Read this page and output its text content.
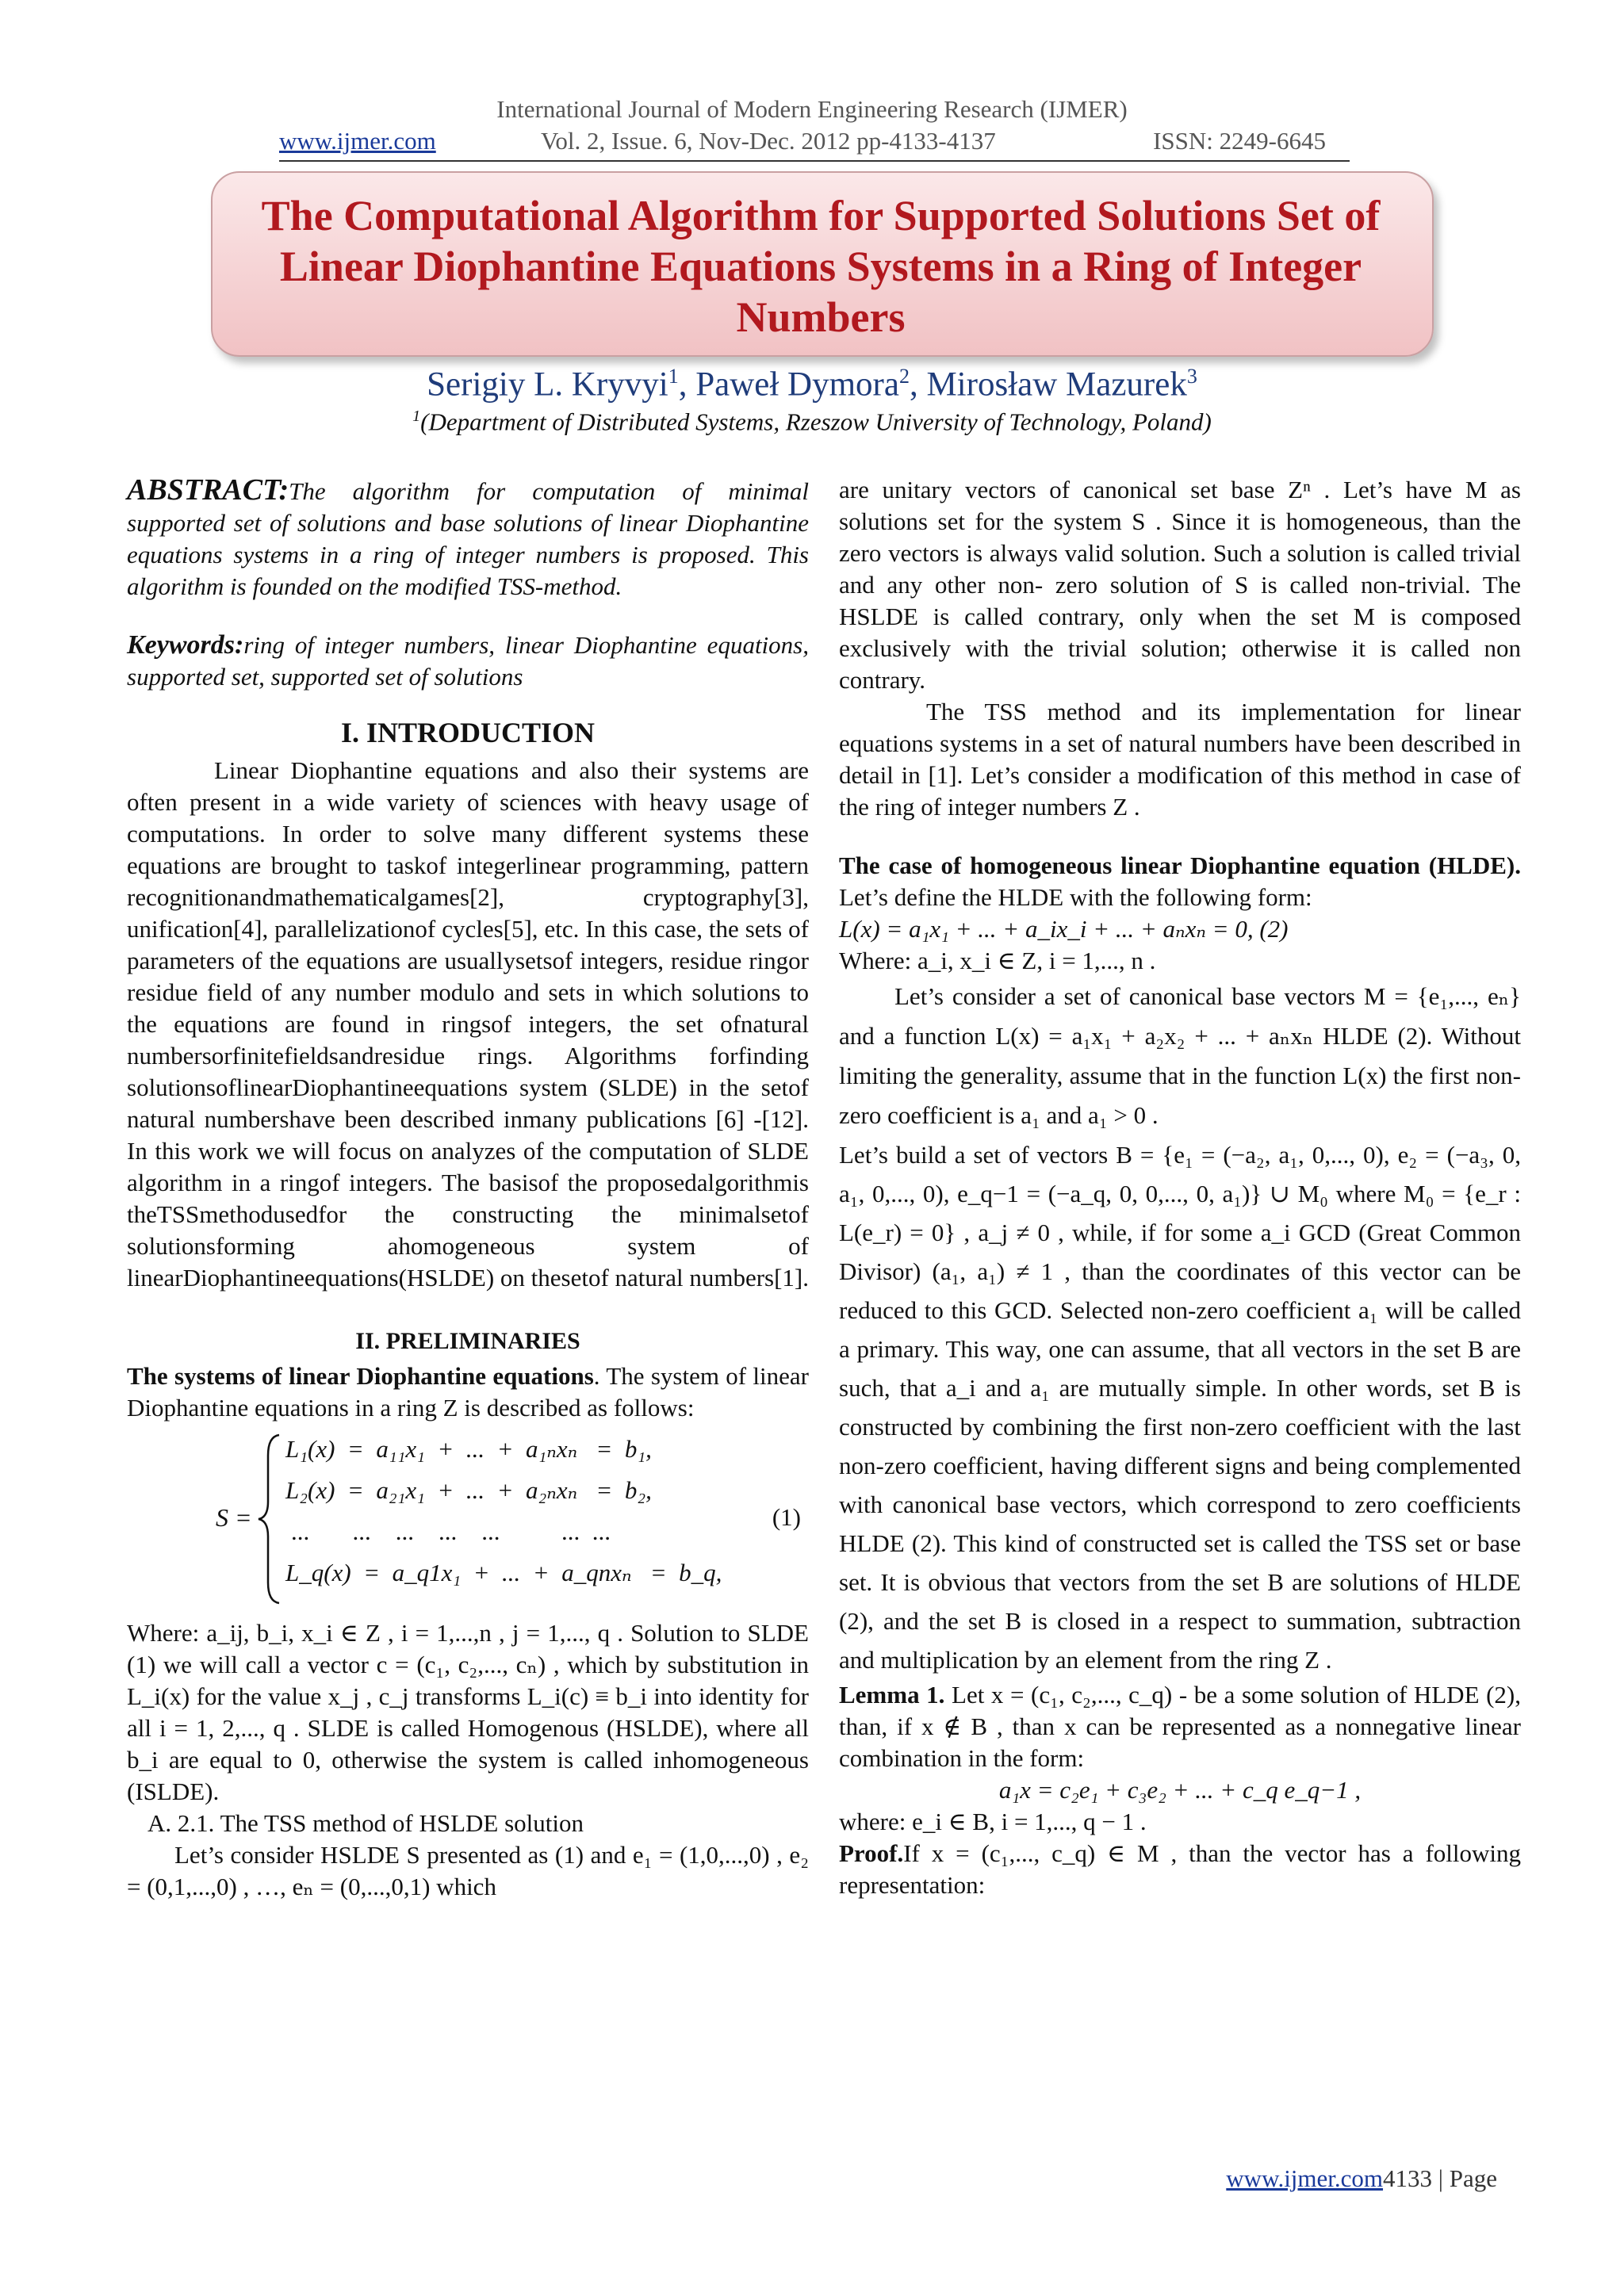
International Journal of Modern Engineering Research (IJMER)
www.ijmer.com	Vol. 2, Issue. 6, Nov-Dec. 2012 pp-4133-4137	ISSN: 2249-6645
The Computational Algorithm for Supported Solutions Set of Linear Diophantine Equations Systems in a Ring of Integer Numbers
Serigiy L. Kryvyi$^1$, Paweł Dymora$^2$, Mirosław Mazurek$^3$
$^1$(Department of Distributed Systems, Rzeszow University of Technology, Poland)

ABSTRACT:The algorithm for computation of minimal supported set of solutions and base solutions of linear Diophantine equations systems in a ring of integer numbers is proposed. This algorithm is founded on the modified TSS-method.

Keywords:ring of integer numbers, linear Diophantine equations, supported set, supported set of solutions

I. INTRODUCTION

Linear Diophantine equations and also their systems are often present in a wide variety of sciences with heavy usage of computations. In order to solve many different systems these equations are brought to taskof integerlinear programming, pattern recognitionandmathematicalgames[2], cryptography[3], unification[4], parallelizationof cycles[5], etc. In this case, the sets of parameters of the equations are usuallysetsof integers, residue ringor residue field of any number modulo and sets in which solutions to the equations are found in ringsof integers, the set ofnatural numbersorfinitefieldsandresidue rings. Algorithms forfinding solutionsoflinearDiophantineequations system (SLDE) in the setof natural numbershave been described inmany publications [6] -[12]. In this work we will focus on analyzes of the computation of SLDE algorithm in a ringof integers. The basisof the proposedalgorithmis theTSSmethodusedfor the constructing the minimalsetof solutionsforming ahomogeneous system of linearDiophantineequations(HSLDE) on thesetof natural numbers[1].

II. PRELIMINARIES

The systems of linear Diophantine equations. The system of linear Diophantine equations in a ring Z is described as follows:

S =
L₁(x)  =  a₁₁x₁  +  ...  +  a₁ₙxₙ   =  b₁,
L₂(x)  =  a₂₁x₁  +  ...  +  a₂ₙxₙ   =  b₂,
...       ...    ...    ...    ...          ...  ...
L_q(x)  =  a_q1x₁  +  ...  +  a_qnxₙ   =  b_q,
(1)

Where: a_ij, b_i, x_i ∈ Z , i = 1,...,n , j = 1,..., q . Solution to SLDE (1) we will call a vector c = (c₁, c₂,..., cₙ) , which by substitution in L_i(x) for the value x_j , c_j transforms L_i(c) ≡ b_i into identity for all i = 1, 2,..., q . SLDE is called Homogenous (HSLDE), where all b_i are equal to 0, otherwise the system is called inhomogeneous (ISLDE).

A. 2.1. The TSS method of HSLDE solution

Let’s consider HSLDE S presented as (1) and e₁ = (1,0,...,0) , e₂ = (0,1,...,0) , …, eₙ = (0,...,0,1) which

are unitary vectors of canonical set base Zⁿ . Let’s have M as solutions set for the system S . Since it is homogeneous, than the zero vectors is always valid solution. Such a solution is called trivial and any other non- zero solution of S is called non-trivial. The HSLDE is called contrary, only when the set M is composed exclusively with the trivial solution; otherwise it is called non contrary.

The TSS method and its implementation for linear equations systems in a set of natural numbers have been described in detail in [1]. Let’s consider a modification of this method in case of the ring of integer numbers Z .

The case of homogeneous linear Diophantine equation (HLDE). Let’s define the HLDE with the following form:

L(x) = a₁x₁ + ... + a_ix_i + ... + aₙxₙ = 0, (2)

Where: a_i, x_i ∈ Z, i = 1,..., n .

Let’s consider a set of canonical base vectors M = {e₁,..., eₙ} and a function L(x) = a₁x₁ + a₂x₂ + ... + aₙxₙ HLDE (2). Without limiting the generality, assume that in the function L(x) the first non-zero coefficient is a₁ and a₁ > 0 .

Let’s build a set of vectors B = {e₁ = (−a₂, a₁, 0,..., 0), e₂ = (−a₃, 0, a₁, 0,..., 0), e_q−1 = (−a_q, 0, 0,..., 0, a₁)} ∪ M₀ where M₀ = {e_r : L(e_r) = 0} , a_j ≠ 0 , while, if for some a_i GCD (Great Common Divisor) (a₁, a₁) ≠ 1 , than the coordinates of this vector can be reduced to this GCD. Selected non-zero coefficient a₁ will be called a primary. This way, one can assume, that all vectors in the set B are such, that a_i and a₁ are mutually simple. In other words, set B is constructed by combining the first non-zero coefficient with the last non-zero coefficient, having different signs and being complemented with canonical base vectors, which correspond to zero coefficients HLDE (2). This kind of constructed set is called the TSS set or base set. It is obvious that vectors from the set B are solutions of HLDE (2), and the set B is closed in a respect to summation, subtraction and multiplication by an element from the ring Z .

Lemma 1. Let x = (c₁, c₂,..., c_q) - be a some solution of HLDE (2), than, if x ∉ B , than x can be represented as a nonnegative linear combination in the form:

a₁x = c₂e₁ + c₃e₂ + ... + c_q e_q−1 ,

where: e_i ∈ B, i = 1,..., q − 1 .

Proof.If x = (c₁,..., c_q) ∈ M , than the vector has a following representation:

www.ijmer.com4133 | Page
